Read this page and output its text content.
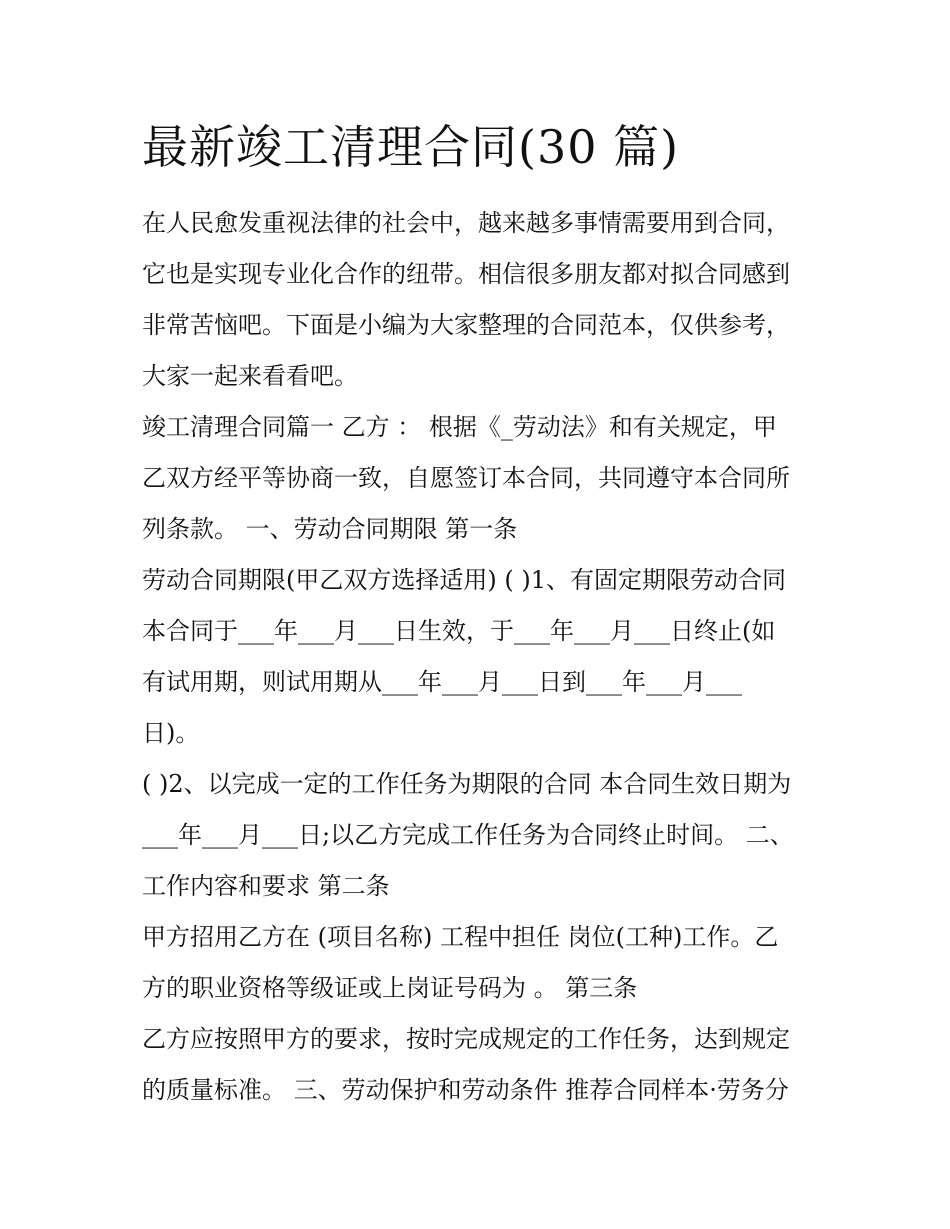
最新竣工清理合同(30 篇)
在人民愈发重视法律的社会中，越来越多事情需要用到合同，
它也是实现专业化合作的纽带。相信很多朋友都对拟合同感到
非常苦恼吧。下面是小编为大家整理的合同范本，仅供参考，
大家一起来看看吧。
竣工清理合同篇一 乙方 ： 根据《_劳动法》和有关规定，甲
乙双方经平等协商一致，自愿签订本合同，共同遵守本合同所
列条款。 一、劳动合同期限 第一条
劳动合同期限(甲乙双方选择适用) ( )1、有固定期限劳动合同
本合同于___年___月___日生效，于___年___月___日终止(如
有试用期，则试用期从___年___月___日到___年___月___
日)。
( )2、以完成一定的工作任务为期限的合同 本合同生效日期为
___年___月___日;以乙方完成工作任务为合同终止时间。 二、
工作内容和要求 第二条
甲方招用乙方在 (项目名称) 工程中担任 岗位(工种)工作。乙
方的职业资格等级证或上岗证号码为 。 第三条
乙方应按照甲方的要求，按时完成规定的工作任务，达到规定
的质量标准。 三、劳动保护和劳动条件 推荐合同样本·劳务分
